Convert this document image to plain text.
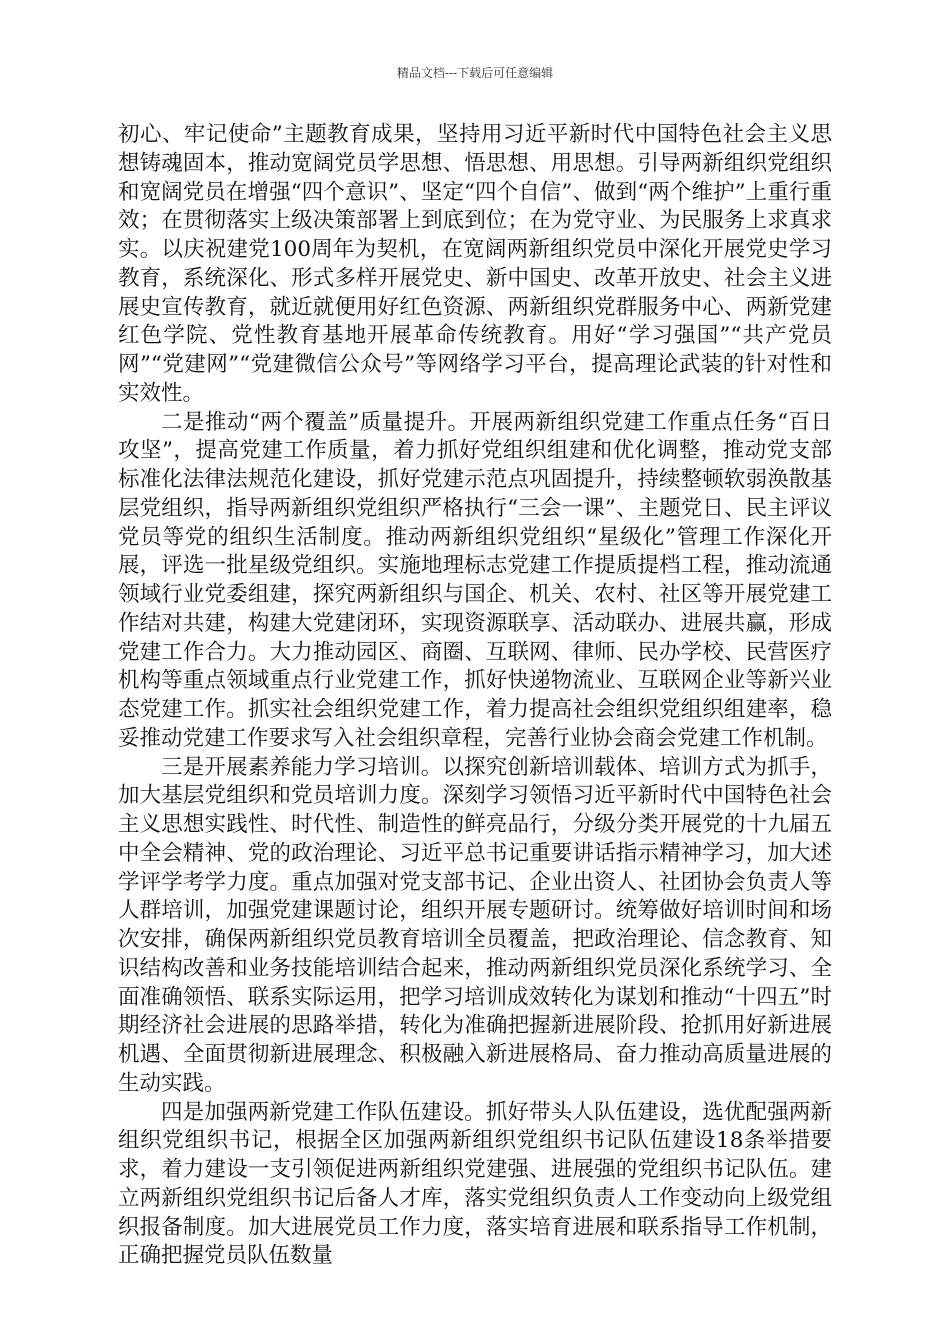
精品文档---下载后可任意编辑

初心、牢记使命”主题教育成果，坚持用习近平新时代中国特色社会主义思想铸魂固本，推动宽阔党员学思想、悟思想、用思想。引导两新组织党组织和宽阔党员在增强“四个意识”、坚定“四个自信”、做到“两个维护”上重行重效；在贯彻落实上级决策部署上到底到位；在为党守业、为民服务上求真求实。以庆祝建党100周年为契机，在宽阔两新组织党员中深化开展党史学习教育，系统深化、形式多样开展党史、新中国史、改革开放史、社会主义进展史宣传教育，就近就便用好红色资源、两新组织党群服务中心、两新党建红色学院、党性教育基地开展革命传统教育。用好“学习强国”“共产党员网”“党建网”“党建微信公众号”等网络学习平台，提高理论武装的针对性和实效性。

二是推动“两个覆盖”质量提升。开展两新组织党建工作重点任务“百日攻坚”，提高党建工作质量，着力抓好党组织组建和优化调整，推动党支部标准化法律法规范化建设，抓好党建示范点巩固提升，持续整顿软弱涣散基层党组织，指导两新组织党组织严格执行“三会一课”、主题党日、民主评议党员等党的组织生活制度。推动两新组织党组织“星级化”管理工作深化开展，评选一批星级党组织。实施地理标志党建工作提质提档工程，推动流通领域行业党委组建，探究两新组织与国企、机关、农村、社区等开展党建工作结对共建，构建大党建闭环，实现资源联享、活动联办、进展共赢，形成党建工作合力。大力推动园区、商圈、互联网、律师、民办学校、民营医疗机构等重点领域重点行业党建工作，抓好快递物流业、互联网企业等新兴业态党建工作。抓实社会组织党建工作，着力提高社会组织党组织组建率，稳妥推动党建工作要求写入社会组织章程，完善行业协会商会党建工作机制。

三是开展素养能力学习培训。以探究创新培训载体、培训方式为抓手，加大基层党组织和党员培训力度。深刻学习领悟习近平新时代中国特色社会主义思想实践性、时代性、制造性的鲜亮品行，分级分类开展党的十九届五中全会精神、党的政治理论、习近平总书记重要讲话指示精神学习，加大述学评学考学力度。重点加强对党支部书记、企业出资人、社团协会负责人等人群培训，加强党建课题讨论，组织开展专题研讨。统筹做好培训时间和场次安排，确保两新组织党员教育培训全员覆盖，把政治理论、信念教育、知识结构改善和业务技能培训结合起来，推动两新组织党员深化系统学习、全面准确领悟、联系实际运用，把学习培训成效转化为谋划和推动“十四五”时期经济社会进展的思路举措，转化为准确把握新进展阶段、抢抓用好新进展机遇、全面贯彻新进展理念、积极融入新进展格局、奋力推动高质量进展的生动实践。

四是加强两新党建工作队伍建设。抓好带头人队伍建设，选优配强两新组织党组织书记，根据全区加强两新组织党组织书记队伍建设18条举措要求，着力建设一支引领促进两新组织党建强、进展强的党组织书记队伍。建立两新组织党组织书记后备人才库，落实党组织负责人工作变动向上级党组织报备制度。加大进展党员工作力度，落实培育进展和联系指导工作机制，正确把握党员队伍数量
